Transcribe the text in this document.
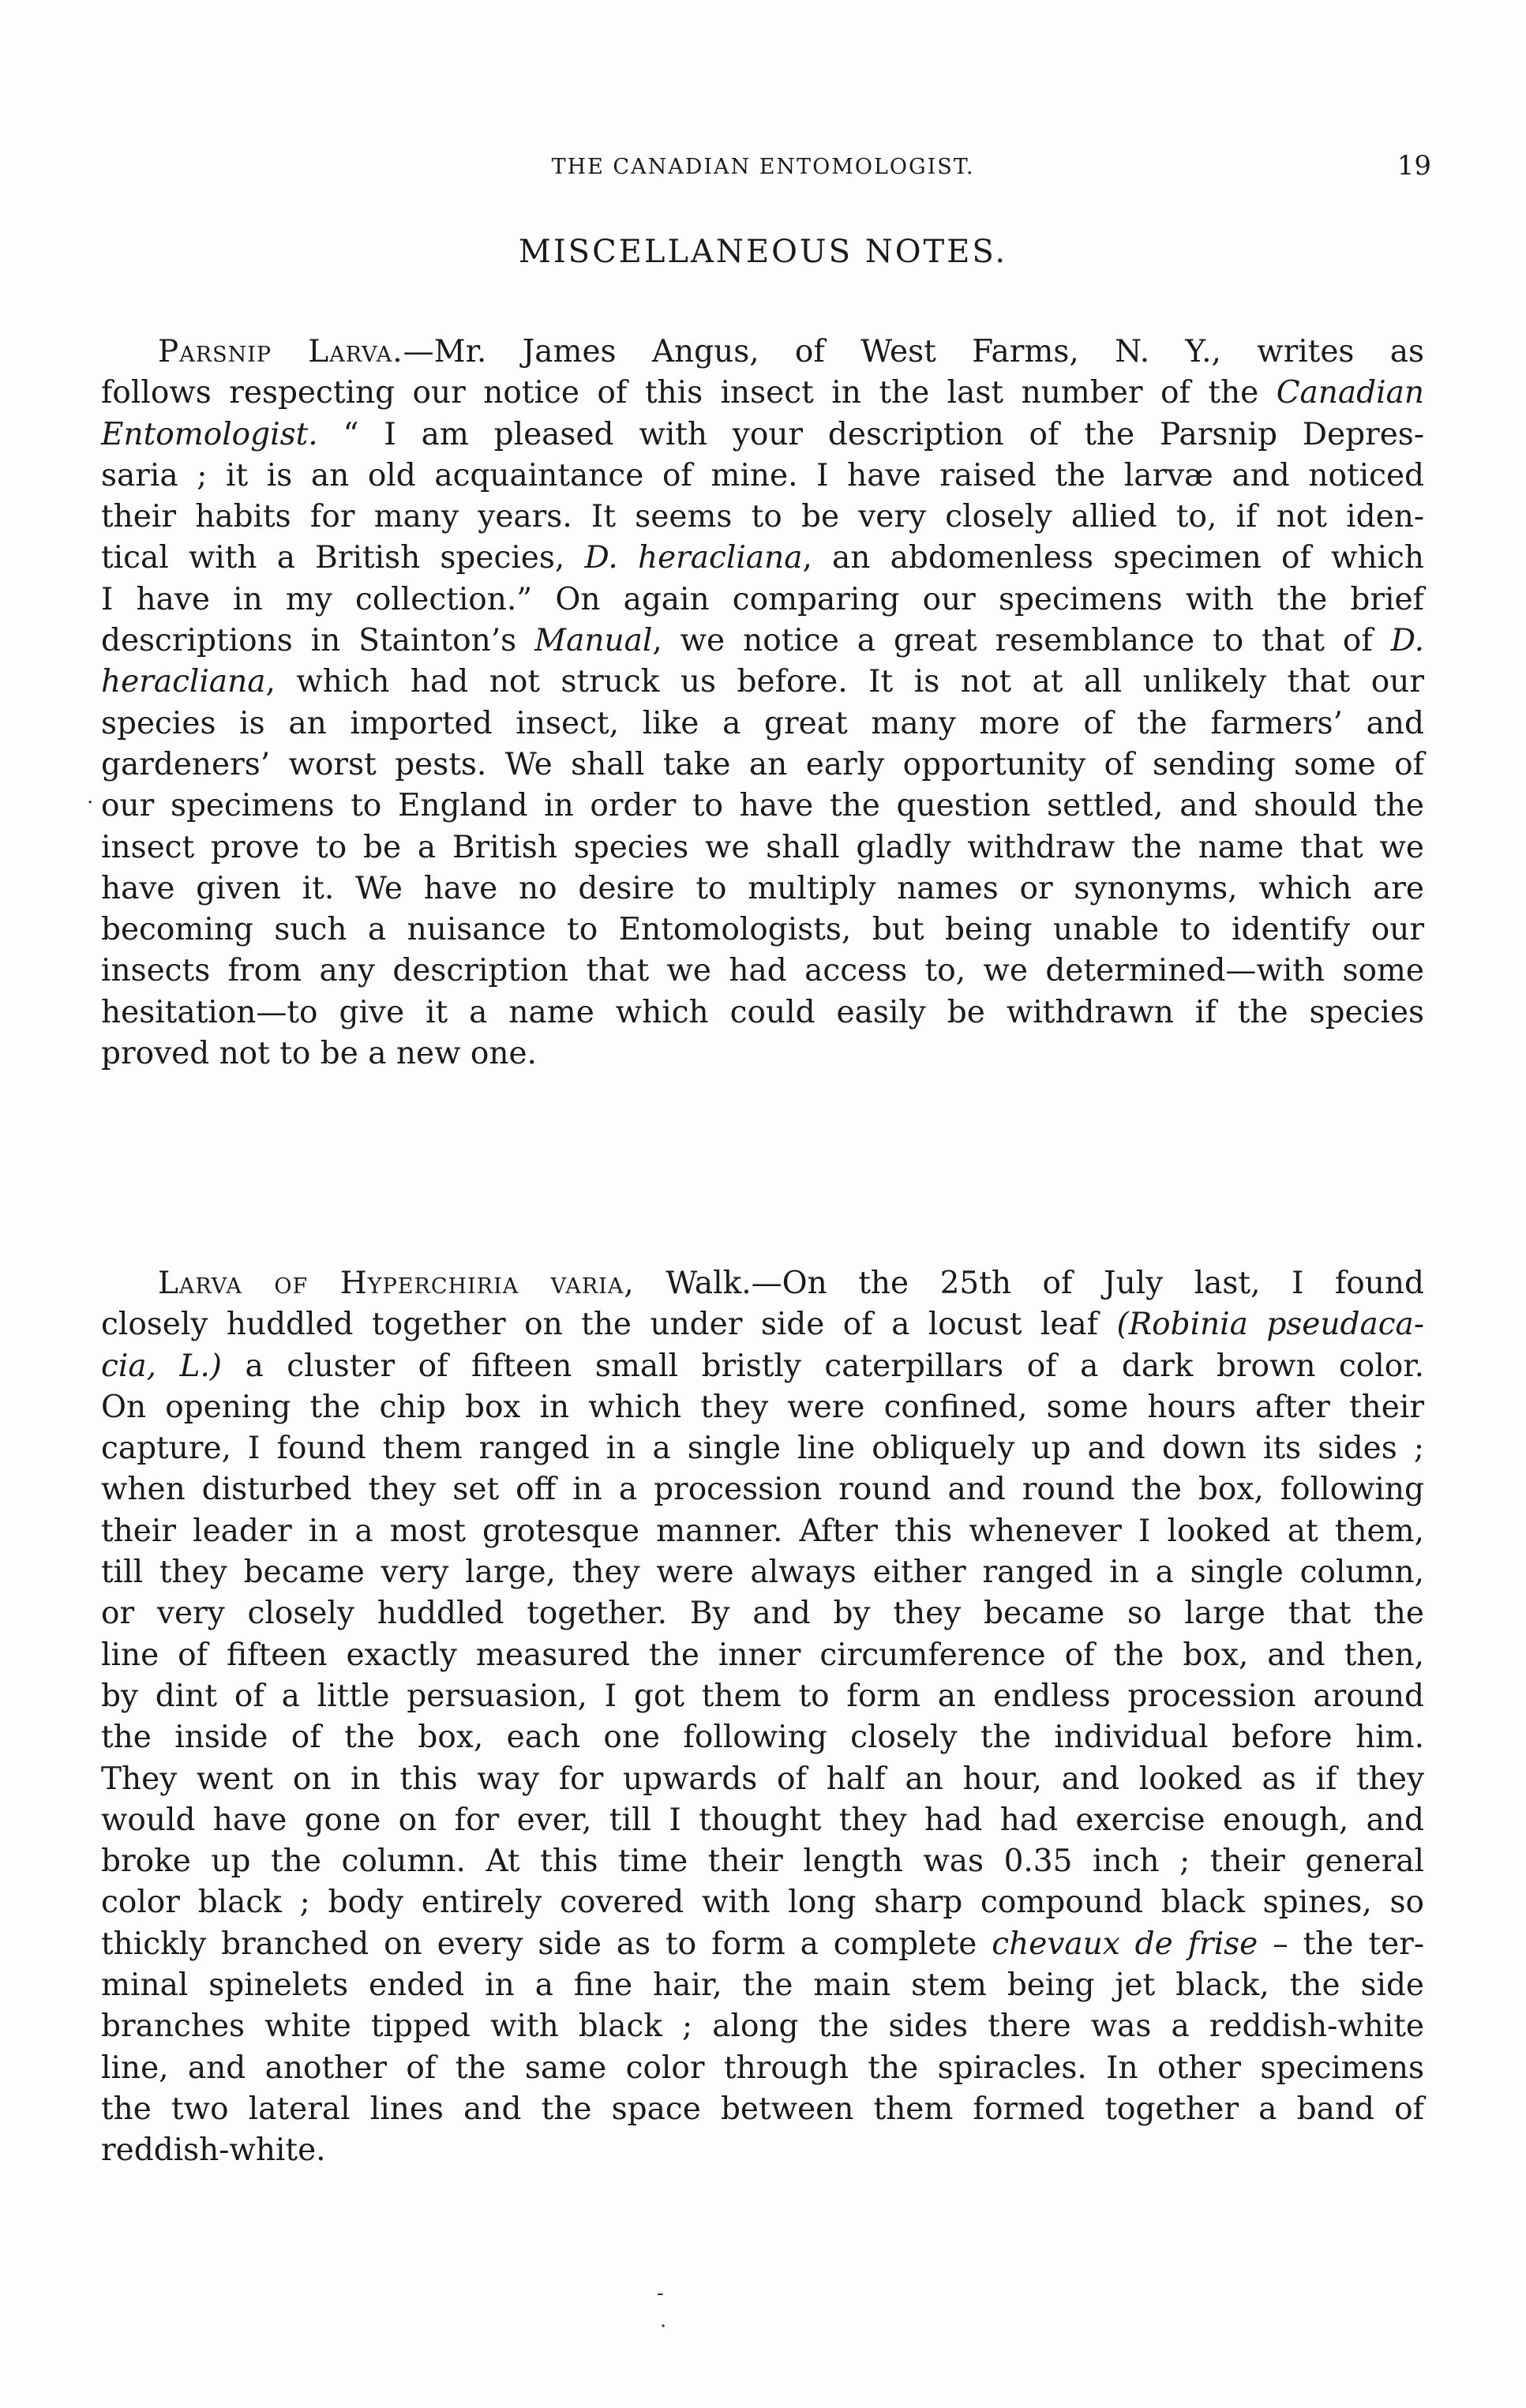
THE CANADIAN ENTOMOLOGIST.	19
MISCELLANEOUS NOTES.
Parsnip Larva.—Mr. James Angus, of West Farms, N. Y., writes as
follows respecting our notice of this insect in the last number of the Canadian
Entomologist. “ I am pleased with your description of the Parsnip Depres-
saria ; it is an old acquaintance of mine. I have raised the larvæ and noticed
their habits for many years. It seems to be very closely allied to, if not iden-
tical with a British species, D. heracliana, an abdomenless specimen of which
I have in my collection.” On again comparing our specimens with the brief
descriptions in Stainton’s Manual, we notice a great resemblance to that of D.
heracliana, which had not struck us before. It is not at all unlikely that our
species is an imported insect, like a great many more of the farmers’ and
gardeners’ worst pests. We shall take an early opportunity of sending some of
our specimens to England in order to have the question settled, and should the
insect prove to be a British species we shall gladly withdraw the name that we
have given it. We have no desire to multiply names or synonyms, which are
becoming such a nuisance to Entomologists, but being unable to identify our
insects from any description that we had access to, we determined—with some
hesitation—to give it a name which could easily be withdrawn if the species
proved not to be a new one.
Larva of Hyperchiria varia, Walk.—On the 25th of July last, I found
closely huddled together on the under side of a locust leaf (Robinia pseudaca-
cia, L.) a cluster of fifteen small bristly caterpillars of a dark brown color.
On opening the chip box in which they were confined, some hours after their
capture, I found them ranged in a single line obliquely up and down its sides ;
when disturbed they set off in a procession round and round the box, following
their leader in a most grotesque manner. After this whenever I looked at them,
till they became very large, they were always either ranged in a single column,
or very closely huddled together. By and by they became so large that the
line of fifteen exactly measured the inner circumference of the box, and then,
by dint of a little persuasion, I got them to form an endless procession around
the inside of the box, each one following closely the individual before him.
They went on in this way for upwards of half an hour, and looked as if they
would have gone on for ever, till I thought they had had exercise enough, and
broke up the column. At this time their length was 0.35 inch ; their general
color black ; body entirely covered with long sharp compound black spines, so
thickly branched on every side as to form a complete chevaux de frise – the ter-
minal spinelets ended in a fine hair, the main stem being jet black, the side
branches white tipped with black ; along the sides there was a reddish-white
line, and another of the same color through the spiracles. In other specimens
the two lateral lines and the space between them formed together a band of
reddish-white.
·
-
·
